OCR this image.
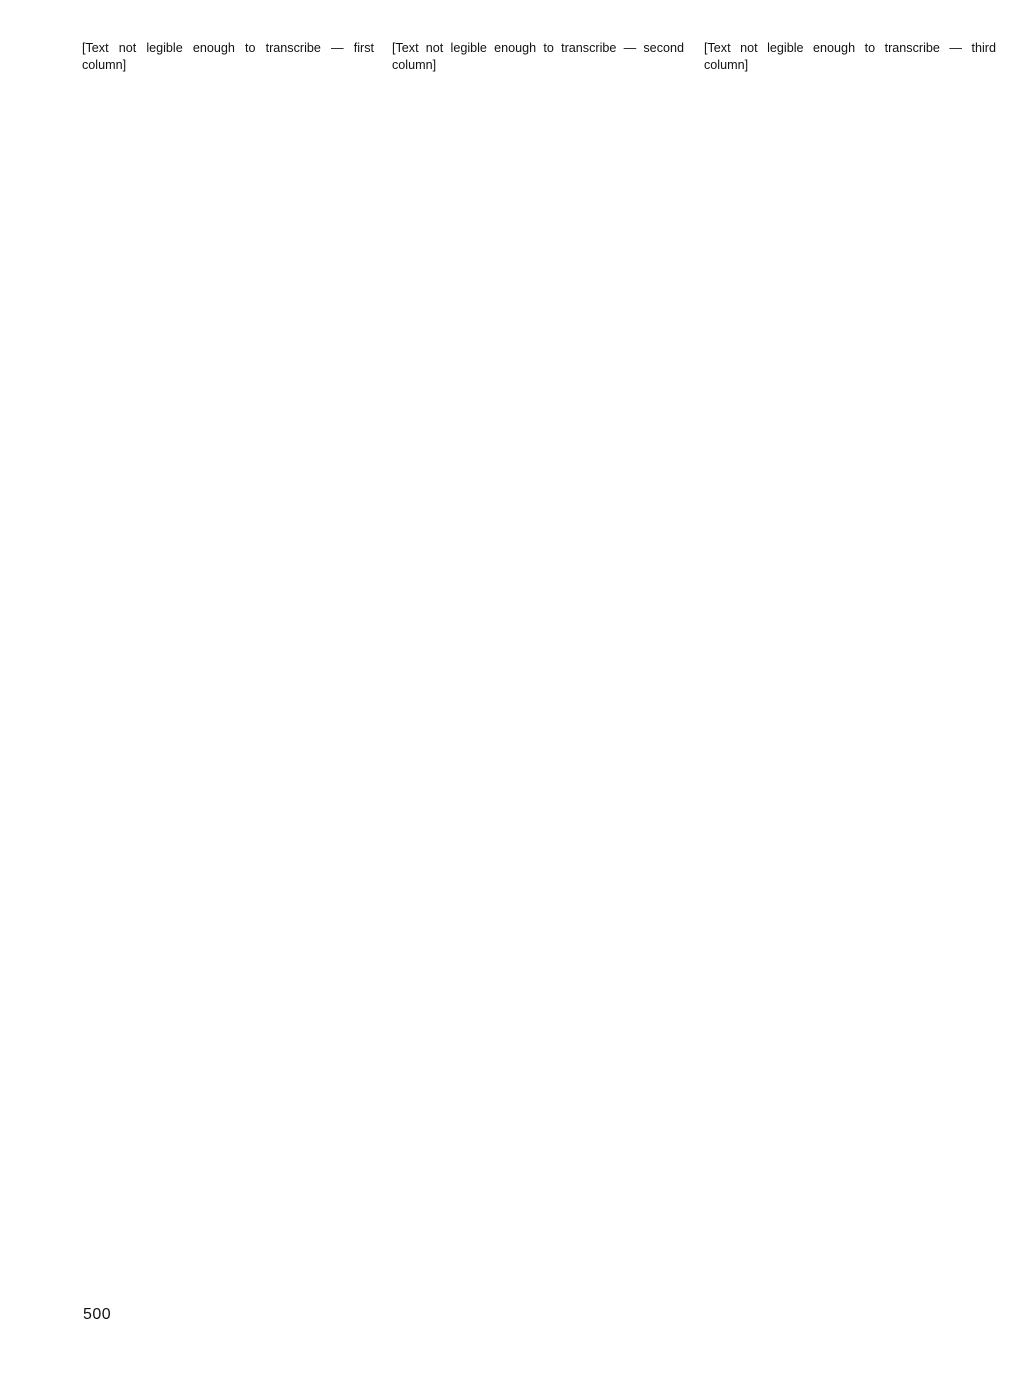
[Text not legible enough to transcribe — first column]

[Text not legible enough to transcribe — second column]

[Text not legible enough to transcribe — third column]

500
